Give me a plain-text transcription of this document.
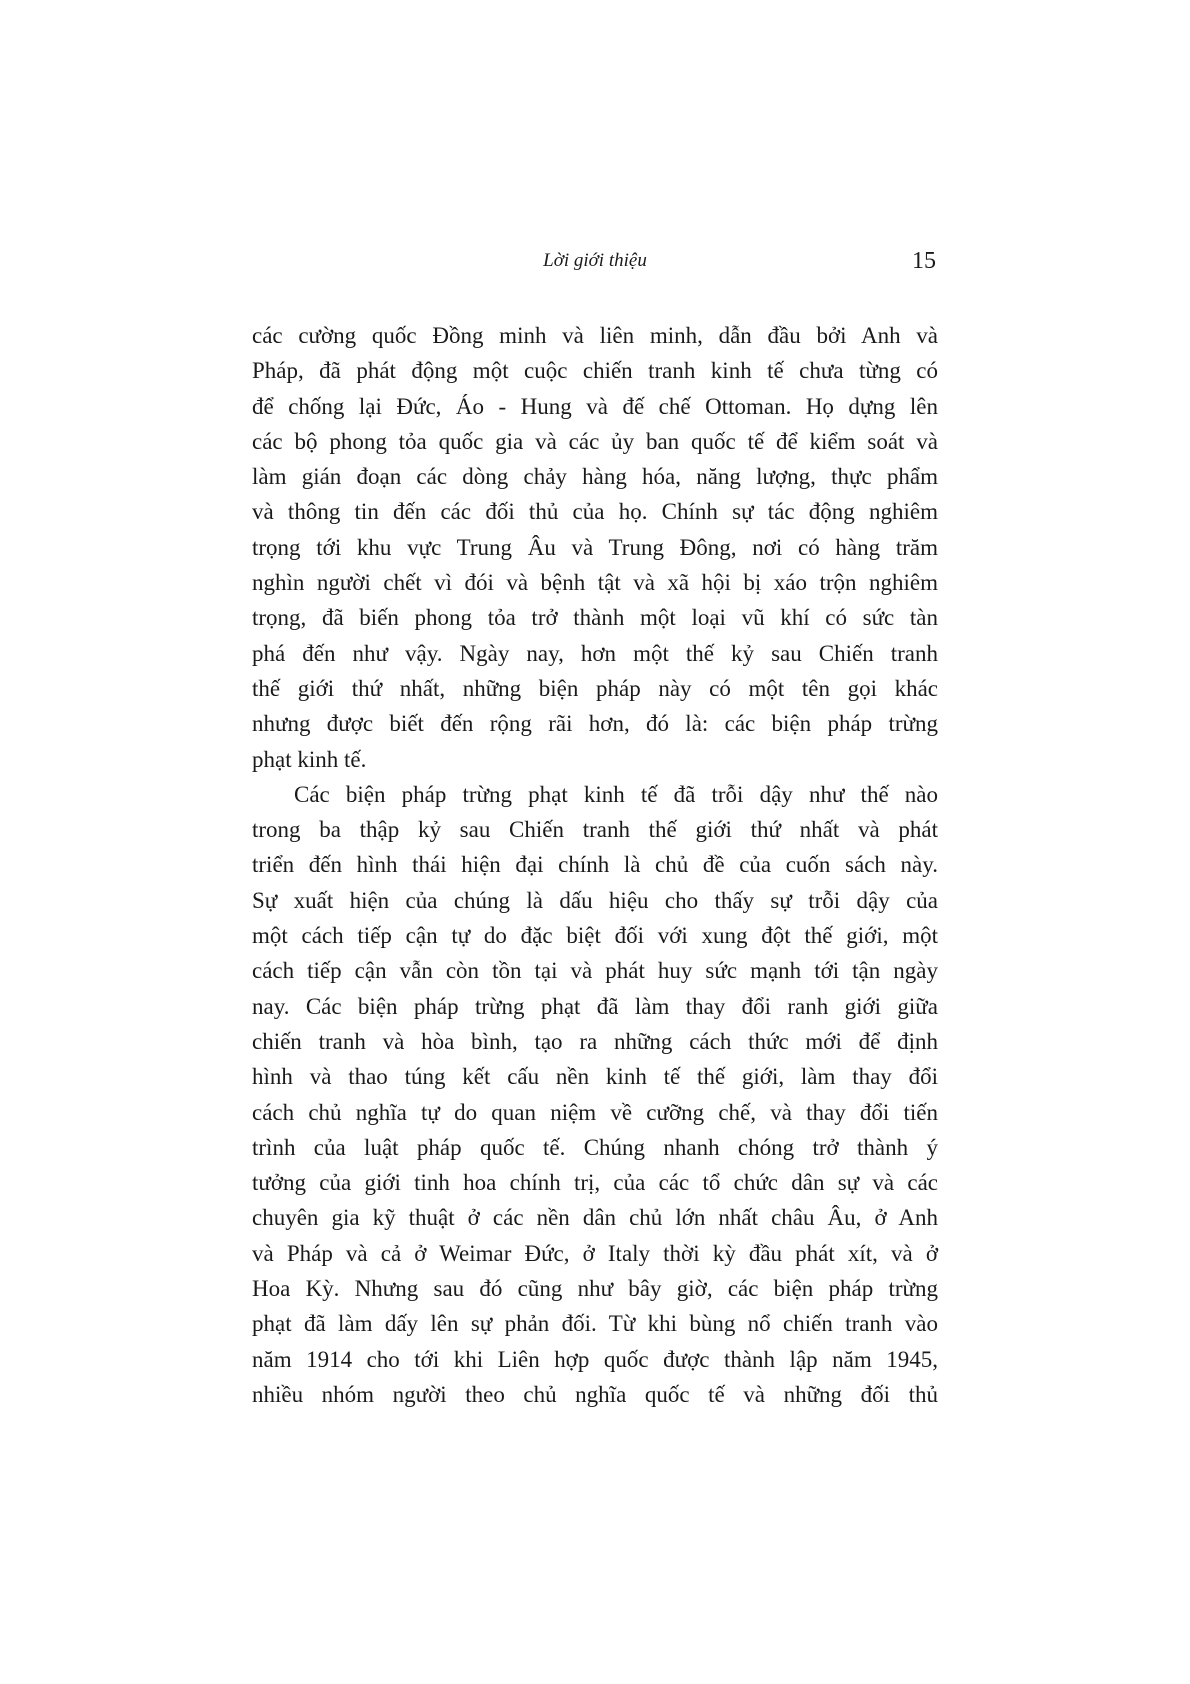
Lời giới thiệu	15
các cường quốc Đồng minh và liên minh, dẫn đầu bởi Anh và
Pháp, đã phát động một cuộc chiến tranh kinh tế chưa từng có
để chống lại Đức, Áo - Hung và đế chế Ottoman. Họ dựng lên
các bộ phong tỏa quốc gia và các ủy ban quốc tế để kiểm soát và
làm gián đoạn các dòng chảy hàng hóa, năng lượng, thực phẩm
và thông tin đến các đối thủ của họ. Chính sự tác động nghiêm
trọng tới khu vực Trung Âu và Trung Đông, nơi có hàng trăm
nghìn người chết vì đói và bệnh tật và xã hội bị xáo trộn nghiêm
trọng, đã biến phong tỏa trở thành một loại vũ khí có sức tàn
phá đến như vậy. Ngày nay, hơn một thế kỷ sau Chiến tranh
thế giới thứ nhất, những biện pháp này có một tên gọi khác
nhưng được biết đến rộng rãi hơn, đó là: các biện pháp trừng
phạt kinh tế.
Các biện pháp trừng phạt kinh tế đã trỗi dậy như thế nào
trong ba thập kỷ sau Chiến tranh thế giới thứ nhất và phát
triển đến hình thái hiện đại chính là chủ đề của cuốn sách này.
Sự xuất hiện của chúng là dấu hiệu cho thấy sự trỗi dậy của
một cách tiếp cận tự do đặc biệt đối với xung đột thế giới, một
cách tiếp cận vẫn còn tồn tại và phát huy sức mạnh tới tận ngày
nay. Các biện pháp trừng phạt đã làm thay đổi ranh giới giữa
chiến tranh và hòa bình, tạo ra những cách thức mới để định
hình và thao túng kết cấu nền kinh tế thế giới, làm thay đổi
cách chủ nghĩa tự do quan niệm về cưỡng chế, và thay đổi tiến
trình của luật pháp quốc tế. Chúng nhanh chóng trở thành ý
tưởng của giới tinh hoa chính trị, của các tổ chức dân sự và các
chuyên gia kỹ thuật ở các nền dân chủ lớn nhất châu Âu, ở Anh
và Pháp và cả ở Weimar Đức, ở Italy thời kỳ đầu phát xít, và ở
Hoa Kỳ. Nhưng sau đó cũng như bây giờ, các biện pháp trừng
phạt đã làm dấy lên sự phản đối. Từ khi bùng nổ chiến tranh vào
năm 1914 cho tới khi Liên hợp quốc được thành lập năm 1945,
nhiều nhóm người theo chủ nghĩa quốc tế và những đối thủ
